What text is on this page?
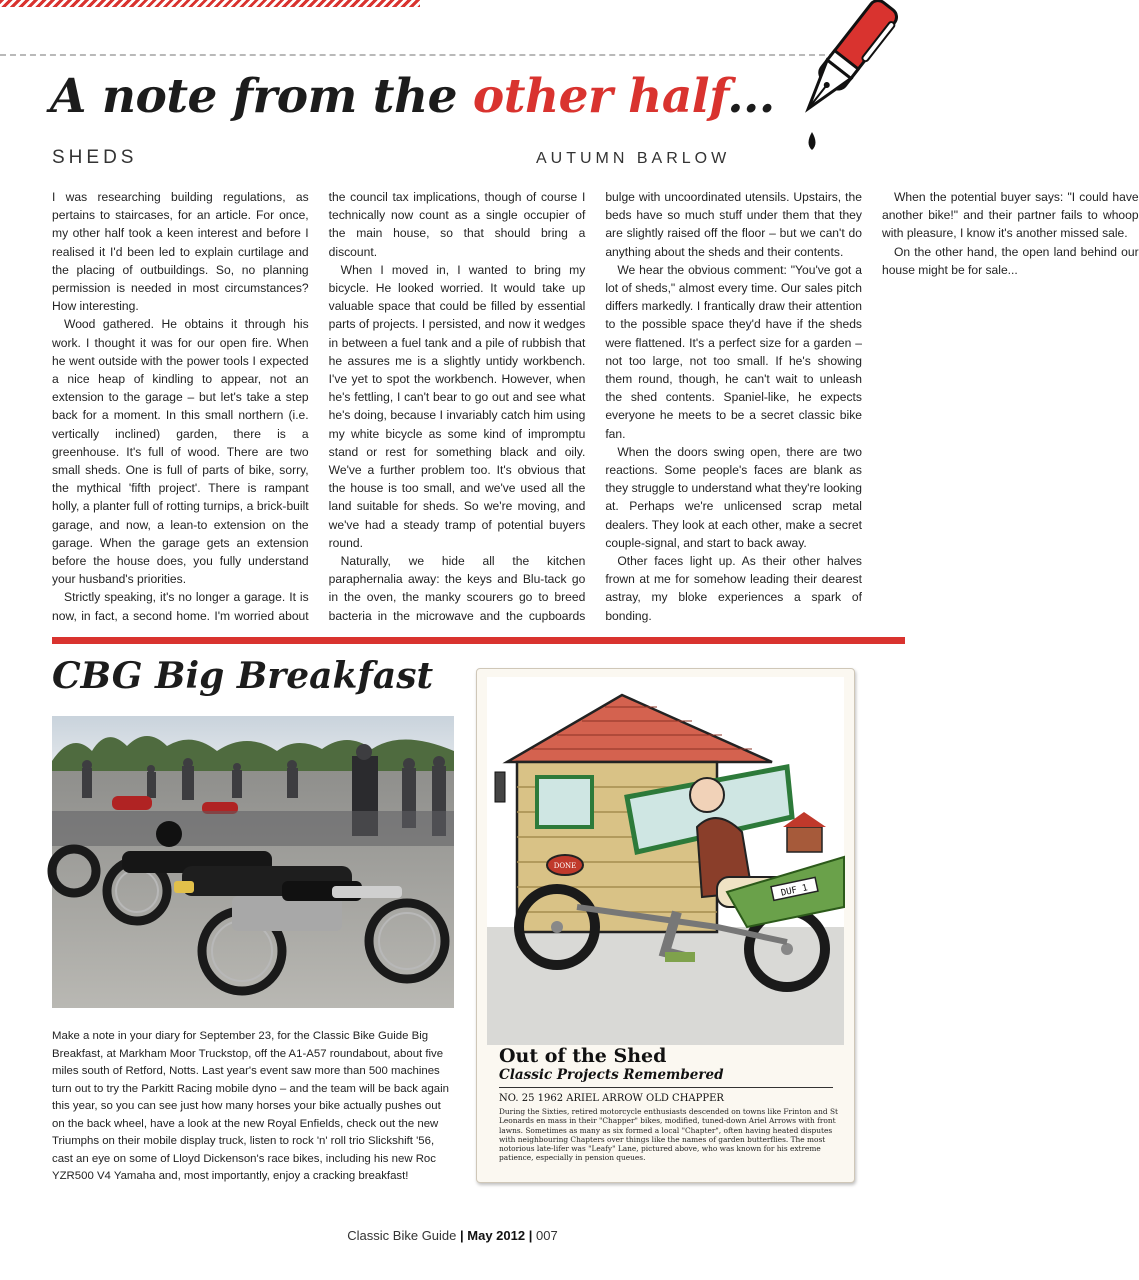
A note from the other half...
SHEDS	AUTUMN BARLOW

I was researching building regulations, as pertains to staircases, for an article. For once, my other half took a keen interest and before I realised it I'd been led to explain curtilage and the placing of outbuildings. So, no planning permission is needed in most circumstances? How interesting.

Wood gathered. He obtains it through his work. I thought it was for our open fire. When he went outside with the power tools I expected a nice heap of kindling to appear, not an extension to the garage – but let's take a step back for a moment. In this small northern (i.e. vertically inclined) garden, there is a greenhouse. It's full of wood. There are two small sheds. One is full of parts of bike, sorry, the mythical 'fifth project'. There is rampant holly, a planter full of rotting turnips, a brick-built garage, and now, a lean-to extension on the garage. When the garage gets an extension before the house does, you fully understand your husband's priorities.

Strictly speaking, it's no longer a garage. It is now, in fact, a second home. I'm worried about the council tax implications, though of course I technically now count as a single occupier of the main house, so that should bring a discount.

When I moved in, I wanted to bring my bicycle. He looked worried. It would take up valuable space that could be filled by essential parts of projects. I persisted, and now it wedges in between a fuel tank and a pile of rubbish that he assures me is a slightly untidy workbench. I've yet to spot the workbench. However, when he's fettling, I can't bear to go out and see what he's doing, because I invariably catch him using my white bicycle as some kind of impromptu stand or rest for something black and oily. We've a further problem too. It's obvious that the house is too small, and we've used all the land suitable for sheds. So we're moving, and we've had a steady tramp of potential buyers round.

Naturally, we hide all the kitchen paraphernalia away: the keys and Blu-tack go in the oven, the manky scourers go to breed bacteria in the microwave and the cupboards bulge with uncoordinated utensils. Upstairs, the beds have so much stuff under them that they are slightly raised off the floor – but we can't do anything about the sheds and their contents.

We hear the obvious comment: "You've got a lot of sheds," almost every time. Our sales pitch differs markedly. I frantically draw their attention to the possible space they'd have if the sheds were flattened. It's a perfect size for a garden – not too large, not too small. If he's showing them round, though, he can't wait to unleash the shed contents. Spaniel-like, he expects everyone he meets to be a secret classic bike fan.

When the doors swing open, there are two reactions. Some people's faces are blank as they struggle to understand what they're looking at. Perhaps we're unlicensed scrap metal dealers. They look at each other, make a secret couple-signal, and start to back away.

Other faces light up. As their other halves frown at me for somehow leading their dearest astray, my bloke experiences a spark of bonding.

When the potential buyer says: "I could have another bike!" and their partner fails to whoop with pleasure, I know it's another missed sale.

On the other hand, the open land behind our house might be for sale...

CBG Big Breakfast
Make a note in your diary for September 23, for the Classic Bike Guide Big Breakfast, at Markham Moor Truckstop, off the A1-A57 roundabout, about five miles south of Retford, Notts. Last year's event saw more than 500 machines turn out to try the Parkitt Racing mobile dyno – and the team will be back again this year, so you can see just how many horses your bike actually pushes out on the back wheel, have a look at the new Royal Enfields, check out the new Triumphs on their mobile display truck, listen to rock 'n' roll trio Slickshift '56, cast an eye on some of Lloyd Dickenson's race bikes, including his new Roc YZR500 V4 Yamaha and, most importantly, enjoy a cracking breakfast!
DONE
DUF 1
Out of the Shed
Classic Projects Remembered
NO. 25 1962 ARIEL ARROW OLD CHAPPER
During the Sixties, retired motorcycle enthusiasts descended on towns like Frinton and St Leonards en mass in their "Chapper" bikes, modified, tuned-down Ariel Arrows with front lawns. Sometimes as many as six formed a local "Chapter", often having heated disputes with neighbouring Chapters over things like the names of garden butterflies. The most notorious late-lifer was "Leafy" Lane, pictured above, who was known for his extreme patience, especially in pension queues.
Classic Bike Guide | May 2012 | 007
